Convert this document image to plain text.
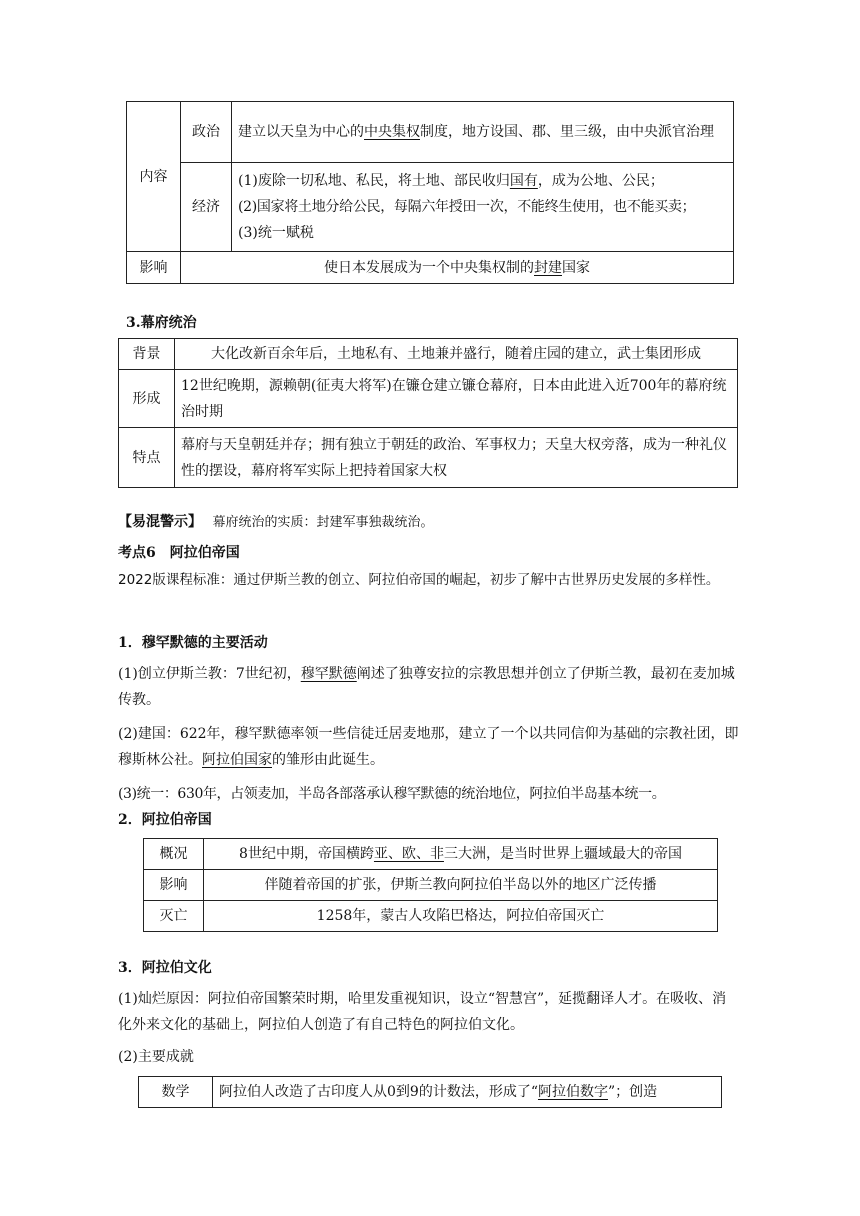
内容	政治	建立以天皇为中心的中央集权制度，地方设国、郡、里三级，由中央派官治理
	经济	(1)废除一切私地、私民，将土地、部民收归国有，成为公地、公民；
(2)国家将土地分给公民，每隔六年授田一次，不能终生使用，也不能买卖；
(3)统一赋税

影响	使日本发展成为一个中央集权制的封建国家	
3.幕府统治
背景	大化改新百余年后，土地私有、土地兼并盛行，随着庄园的建立，武士集团形成
形成	12世纪晚期，源赖朝(征夷大将军)在镰仓建立镰仓幕府，日本由此进入近700年的幕府统治时期
特点	幕府与天皇朝廷并存；拥有独立于朝廷的政治、军事权力；天皇大权旁落，成为一种礼仪性的摆设，幕府将军实际上把持着国家大权
【易混警示】 幕府统治的实质：封建军事独裁统治。
考点6　阿拉伯帝国
2022版课程标准：通过伊斯兰教的创立、阿拉伯帝国的崛起，初步了解中古世界历史发展的多样性。
1．穆罕默德的主要活动
(1)创立伊斯兰教：7世纪初，穆罕默德阐述了独尊安拉的宗教思想并创立了伊斯兰教，最初在麦加城传教。
(2)建国：622年，穆罕默德率领一些信徒迁居麦地那，建立了一个以共同信仰为基础的宗教社团，即穆斯林公社。阿拉伯国家的雏形由此诞生。
(3)统一：630年，占领麦加，半岛各部落承认穆罕默德的统治地位，阿拉伯半岛基本统一。
2．阿拉伯帝国
概况	8世纪中期，帝国横跨亚、欧、非三大洲，是当时世界上疆域最大的帝国
影响	伴随着帝国的扩张，伊斯兰教向阿拉伯半岛以外的地区广泛传播
灭亡	1258年，蒙古人攻陷巴格达，阿拉伯帝国灭亡
3．阿拉伯文化
(1)灿烂原因：阿拉伯帝国繁荣时期，哈里发重视知识，设立“智慧宫”，延揽翻译人才。在吸收、消化外来文化的基础上，阿拉伯人创造了有自己特色的阿拉伯文化。
(2)主要成就
数学	阿拉伯人改造了古印度人从0到9的计数法，形成了“阿拉伯数字”；创造
